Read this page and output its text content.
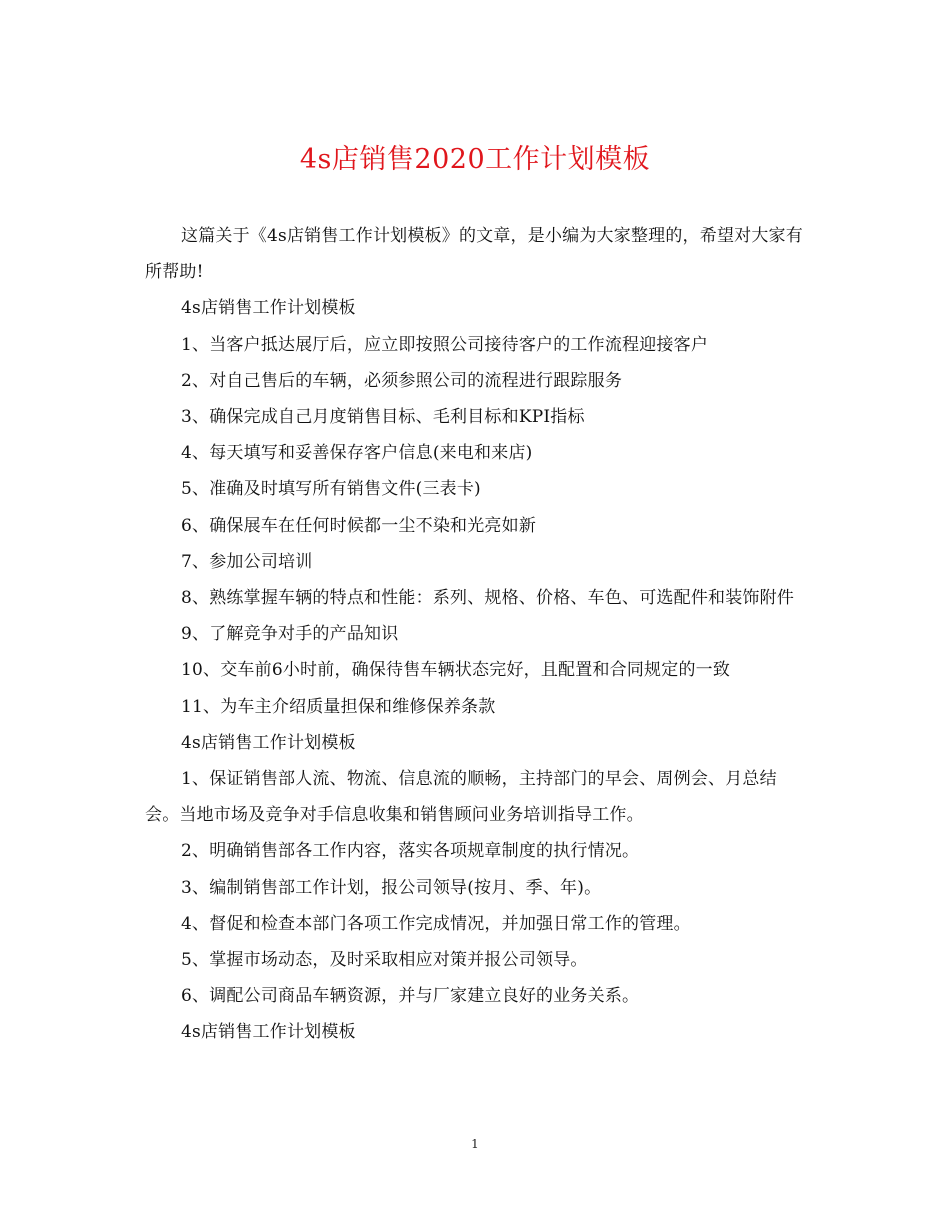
4s店销售2020工作计划模板

这篇关于《4s店销售工作计划模板》的文章，是小编为大家整理的，希望对大家有所帮助!

4s店销售工作计划模板

1、当客户抵达展厅后，应立即按照公司接待客户的工作流程迎接客户

2、对自己售后的车辆，必须参照公司的流程进行跟踪服务

3、确保完成自己月度销售目标、毛利目标和KPI指标

4、每天填写和妥善保存客户信息(来电和来店)

5、准确及时填写所有销售文件(三表卡)

6、确保展车在任何时候都一尘不染和光亮如新

7、参加公司培训

8、熟练掌握车辆的特点和性能：系列、规格、价格、车色、可选配件和装饰附件

9、了解竞争对手的产品知识

10、交车前6小时前，确保待售车辆状态完好，且配置和合同规定的一致

11、为车主介绍质量担保和维修保养条款

4s店销售工作计划模板

1、保证销售部人流、物流、信息流的顺畅，主持部门的早会、周例会、月总结会。当地市场及竞争对手信息收集和销售顾问业务培训指导工作。

2、明确销售部各工作内容，落实各项规章制度的执行情况。

3、编制销售部工作计划，报公司领导(按月、季、年)。

4、督促和检查本部门各项工作完成情况，并加强日常工作的管理。

5、掌握市场动态，及时采取相应对策并报公司领导。

6、调配公司商品车辆资源，并与厂家建立良好的业务关系。

4s店销售工作计划模板

1
